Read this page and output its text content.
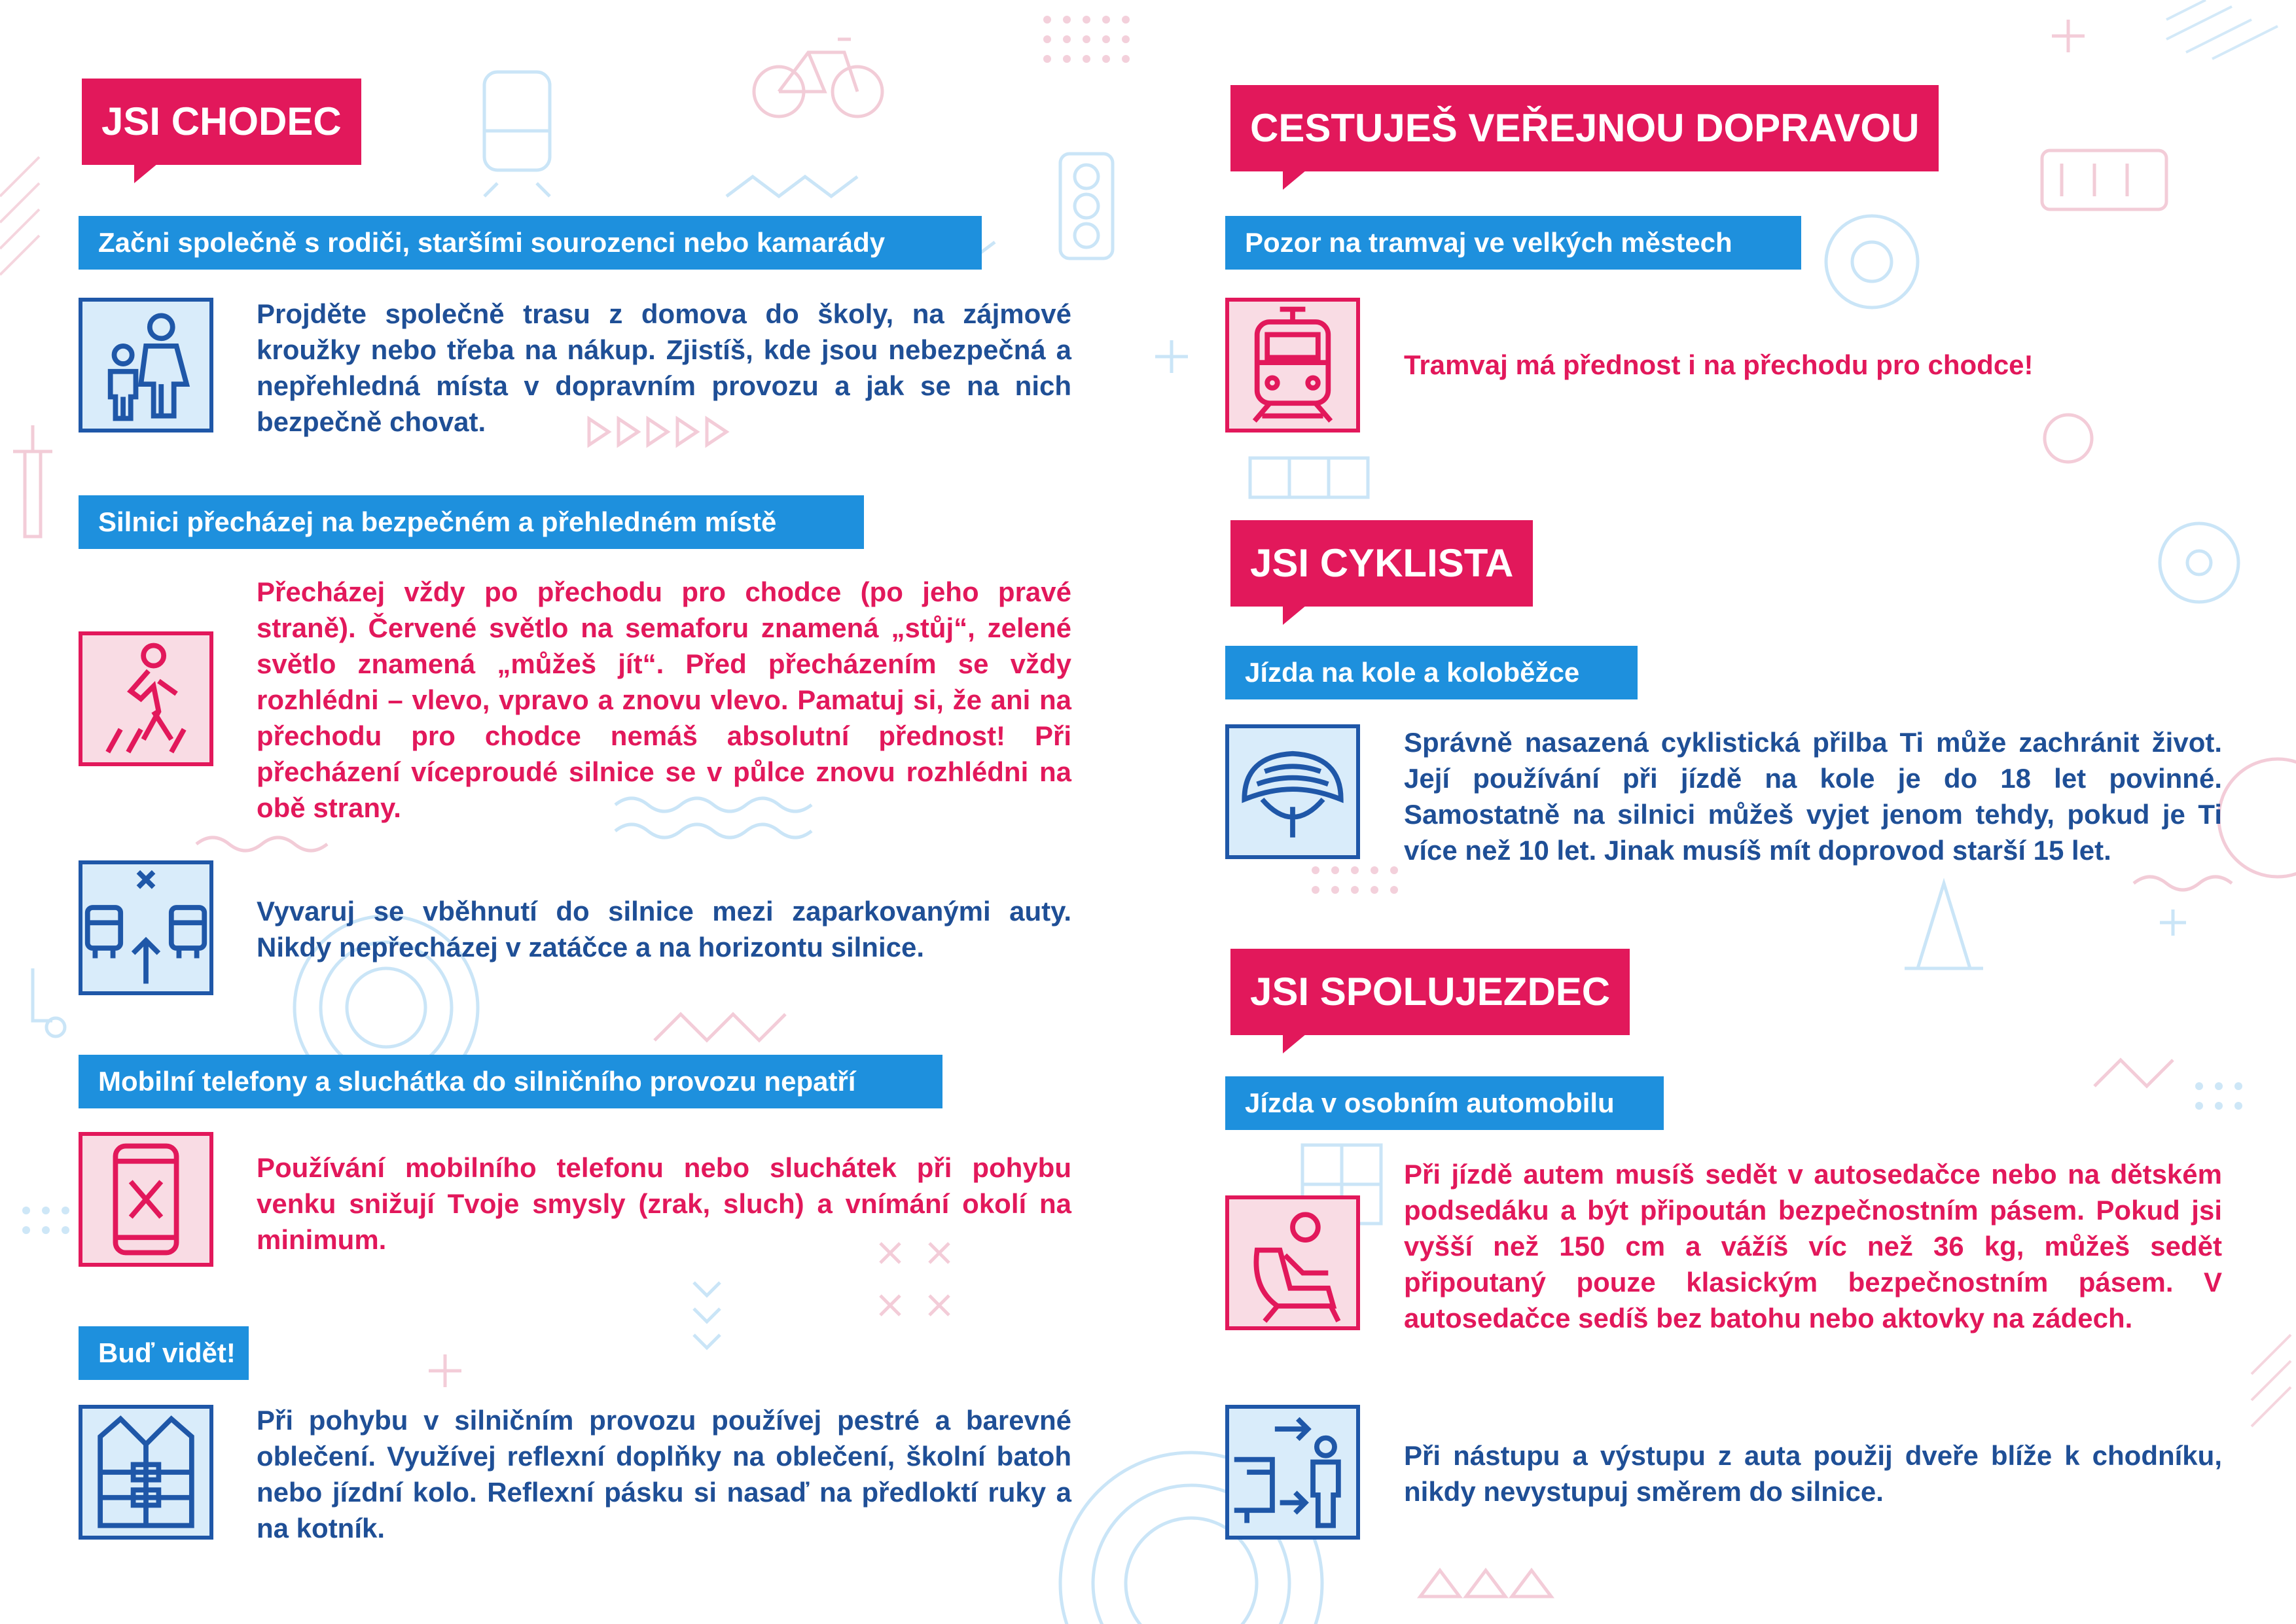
JSI CHODEC
Začni společně s rodiči, staršími sourozenci nebo kamarády
Projděte společně trasu z domova do školy, na zájmové kroužky nebo třeba na nákup. Zjistíš, kde jsou nebezpečná a nepřehledná místa v dopravním provozu a jak se na nich bezpečně chovat.
Silnici přecházej na bezpečném a přehledném místě
Přecházej vždy po přechodu pro chodce (po jeho pravé straně). Červené světlo na semaforu znamená „stůj“, zelené světlo znamená „můžeš jít“. Před přecházením se vždy rozhlédni – vlevo, vpravo a znovu vlevo. Pamatuj si, že ani na přechodu pro chodce nemáš absolutní přednost! Při přecházení víceproudé silnice se v půlce znovu rozhlédni na obě strany.
Vyvaruj se vběhnutí do silnice mezi zaparkovanými auty. Nikdy nepřecházej v zatáčce a na horizontu silnice.
Mobilní telefony a sluchátka do silničního provozu nepatří
Používání mobilního telefonu nebo sluchátek při pohybu venku snižují Tvoje smysly (zrak, sluch) a vnímání okolí na minimum.
Buď vidět!
Při pohybu v silničním provozu používej pestré a barevné oblečení. Využívej reflexní doplňky na oblečení, školní batoh nebo jízdní kolo. Reflexní pásku si nasaď na předloktí ruky a na kotník.
CESTUJEŠ VEŘEJNOU DOPRAVOU
Pozor na tramvaj ve velkých městech
Tramvaj má přednost i na přechodu pro chodce!
JSI CYKLISTA
Jízda na kole a koloběžce
Správně nasazená cyklistická přilba Ti může zachránit život. Její používání při jízdě na kole je do 18 let povinné. Samostatně na silnici můžeš vyjet jenom tehdy, pokud je Ti více než 10 let. Jinak musíš mít doprovod starší 15 let.
JSI SPOLUJEZDEC
Jízda v osobním automobilu
Při jízdě autem musíš sedět v autosedačce nebo na dětském podsedáku a být připoután bezpečnostním pásem. Pokud jsi vyšší než 150 cm a vážíš víc než 36 kg, můžeš sedět připoutaný pouze klasickým bezpečnostním pásem. V autosedačce sedíš bez batohu nebo aktovky na zádech.
Při nástupu a výstupu z auta použij dveře blíže k chodníku, nikdy nevystupuj směrem do silnice.
